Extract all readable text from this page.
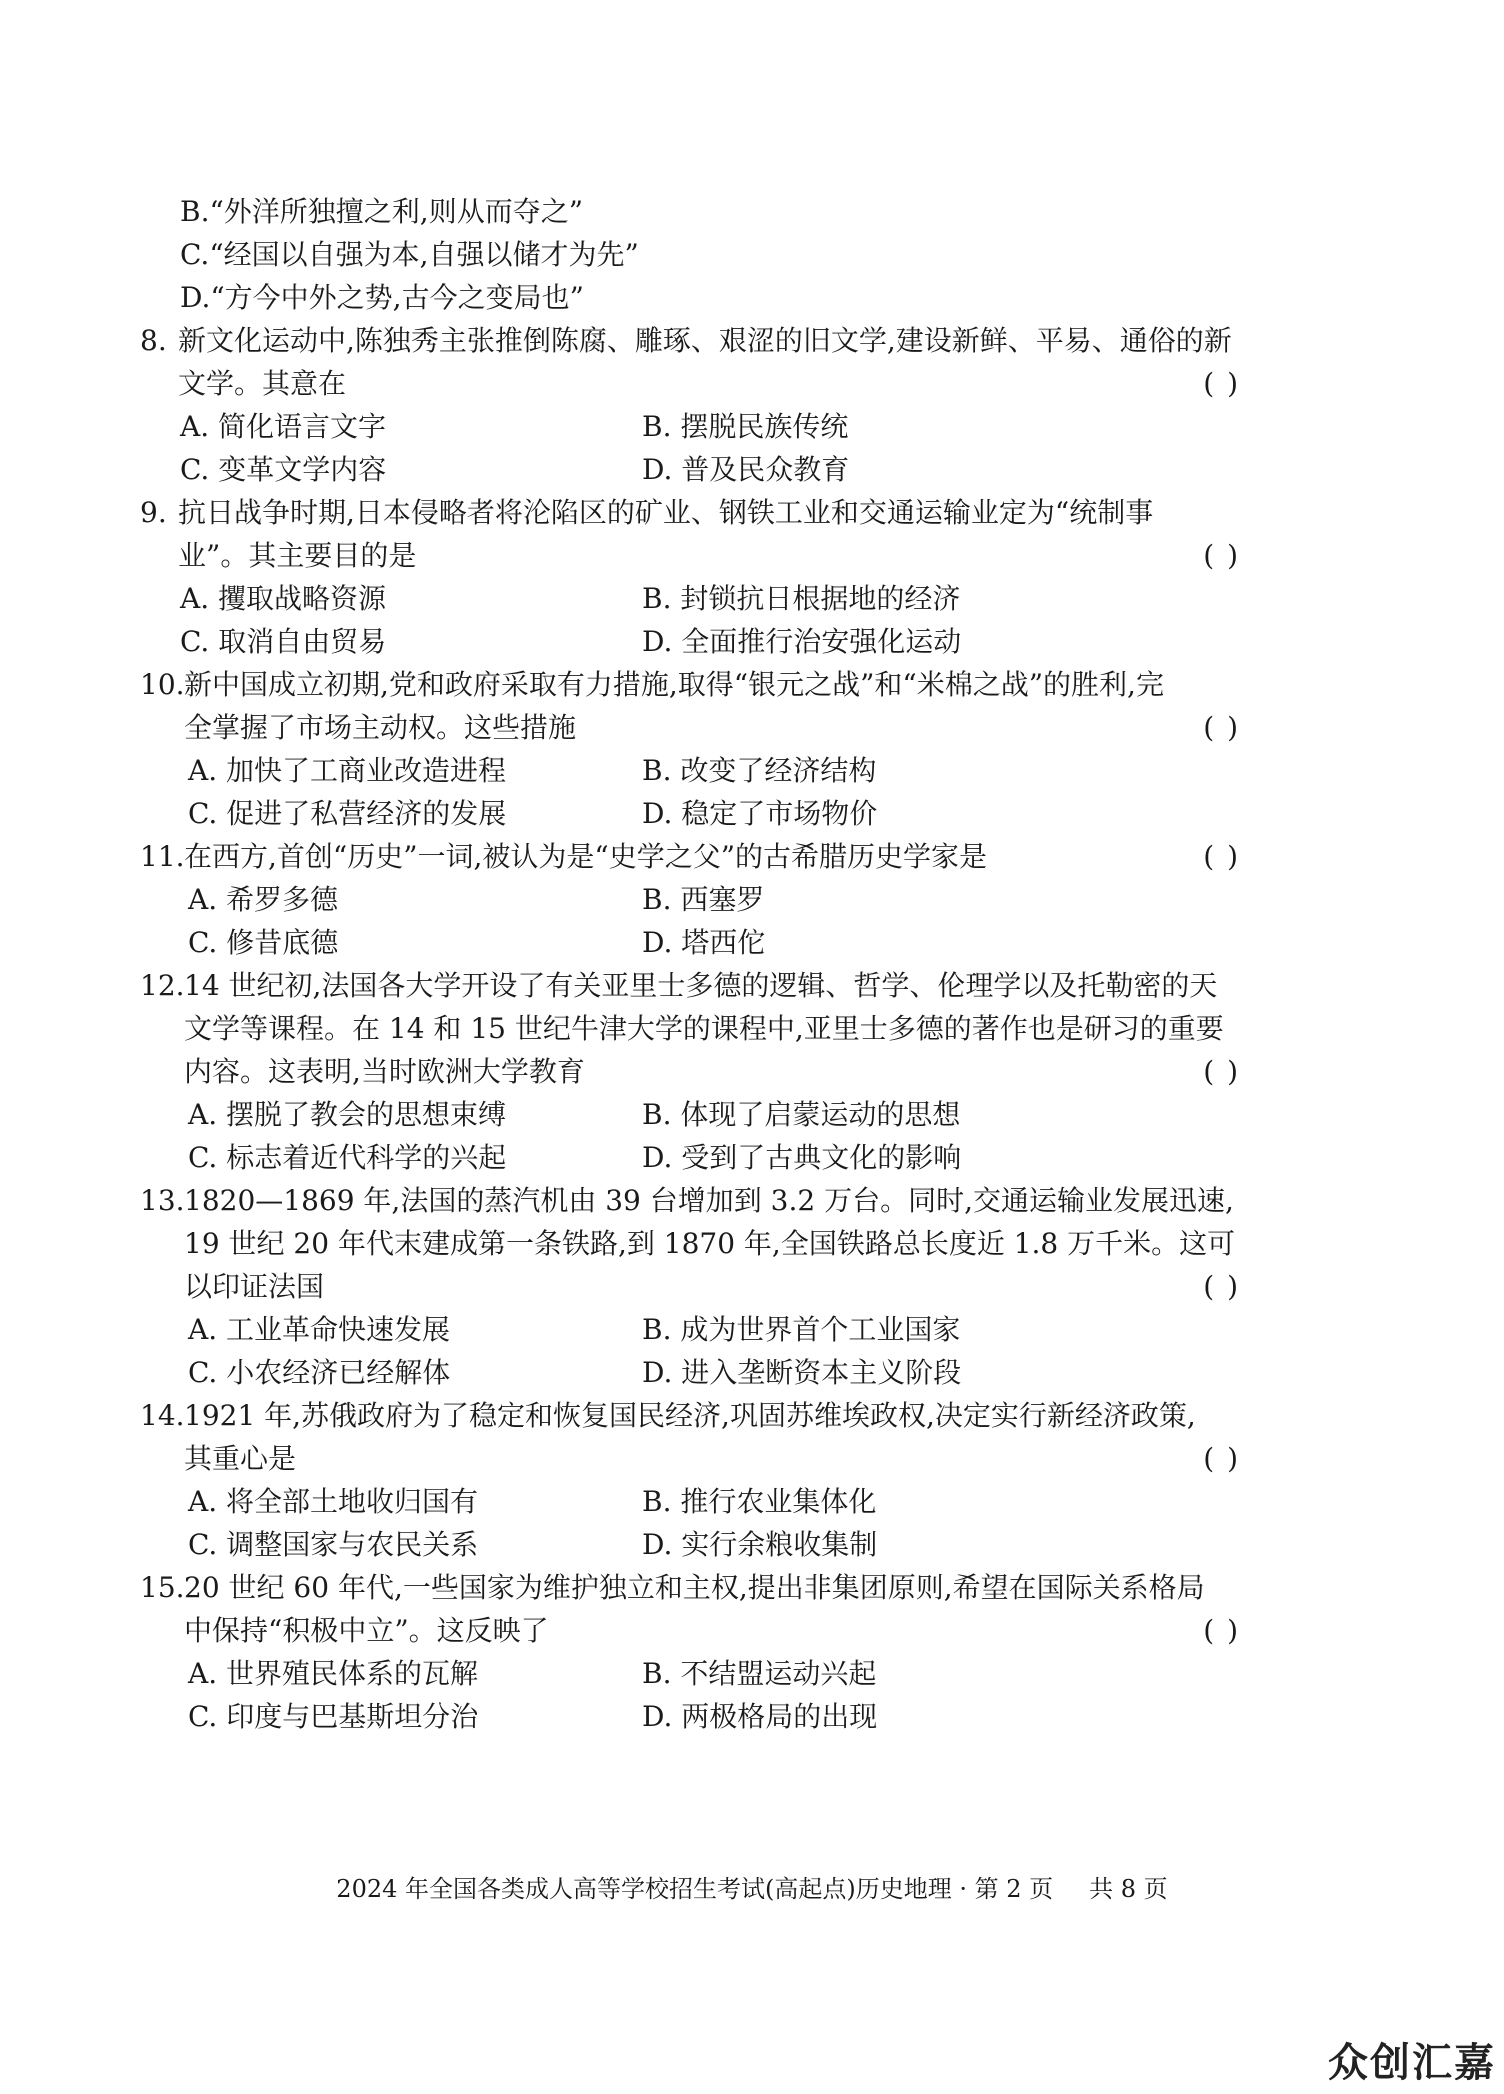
B.“外洋所独擅之利,则从而夺之”
C.“经国以自强为本,自强以储才为先”
D.“方今中外之势,古今之变局也”
8. 新文化运动中,陈独秀主张推倒陈腐、雕琢、艰涩的旧文学,建设新鲜、平易、通俗的新
文学。其意在	( )
A. 简化语言文字	B. 摆脱民族传统
C. 变革文学内容	D. 普及民众教育
9. 抗日战争时期,日本侵略者将沦陷区的矿业、钢铁工业和交通运输业定为“统制事
业”。其主要目的是	( )
A. 攫取战略资源	B. 封锁抗日根据地的经济
C. 取消自由贸易	D. 全面推行治安强化运动
10.新中国成立初期,党和政府采取有力措施,取得“银元之战”和“米棉之战”的胜利,完
全掌握了市场主动权。这些措施	( )
A. 加快了工商业改造进程	B. 改变了经济结构
C. 促进了私营经济的发展	D. 稳定了市场物价
11.在西方,首创“历史”一词,被认为是“史学之父”的古希腊历史学家是	( )
A. 希罗多德	B. 西塞罗
C. 修昔底德	D. 塔西佗
12.14 世纪初,法国各大学开设了有关亚里士多德的逻辑、哲学、伦理学以及托勒密的天
文学等课程。在 14 和 15 世纪牛津大学的课程中,亚里士多德的著作也是研习的重要
内容。这表明,当时欧洲大学教育	( )
A. 摆脱了教会的思想束缚	B. 体现了启蒙运动的思想
C. 标志着近代科学的兴起	D. 受到了古典文化的影响
13.1820—1869 年,法国的蒸汽机由 39 台增加到 3.2 万台。同时,交通运输业发展迅速,
19 世纪 20 年代末建成第一条铁路,到 1870 年,全国铁路总长度近 1.8 万千米。这可
以印证法国	( )
A. 工业革命快速发展	B. 成为世界首个工业国家
C. 小农经济已经解体	D. 进入垄断资本主义阶段
14.1921 年,苏俄政府为了稳定和恢复国民经济,巩固苏维埃政权,决定实行新经济政策,
其重心是	( )
A. 将全部土地收归国有	B. 推行农业集体化
C. 调整国家与农民关系	D. 实行余粮收集制
15.20 世纪 60 年代,一些国家为维护独立和主权,提出非集团原则,希望在国际关系格局
中保持“积极中立”。这反映了	( )
A. 世界殖民体系的瓦解	B. 不结盟运动兴起
C. 印度与巴基斯坦分治	D. 两极格局的出现
2024 年全国各类成人高等学校招生考试(高起点)历史地理 · 第 2 页 共 8 页
众创汇嘉
